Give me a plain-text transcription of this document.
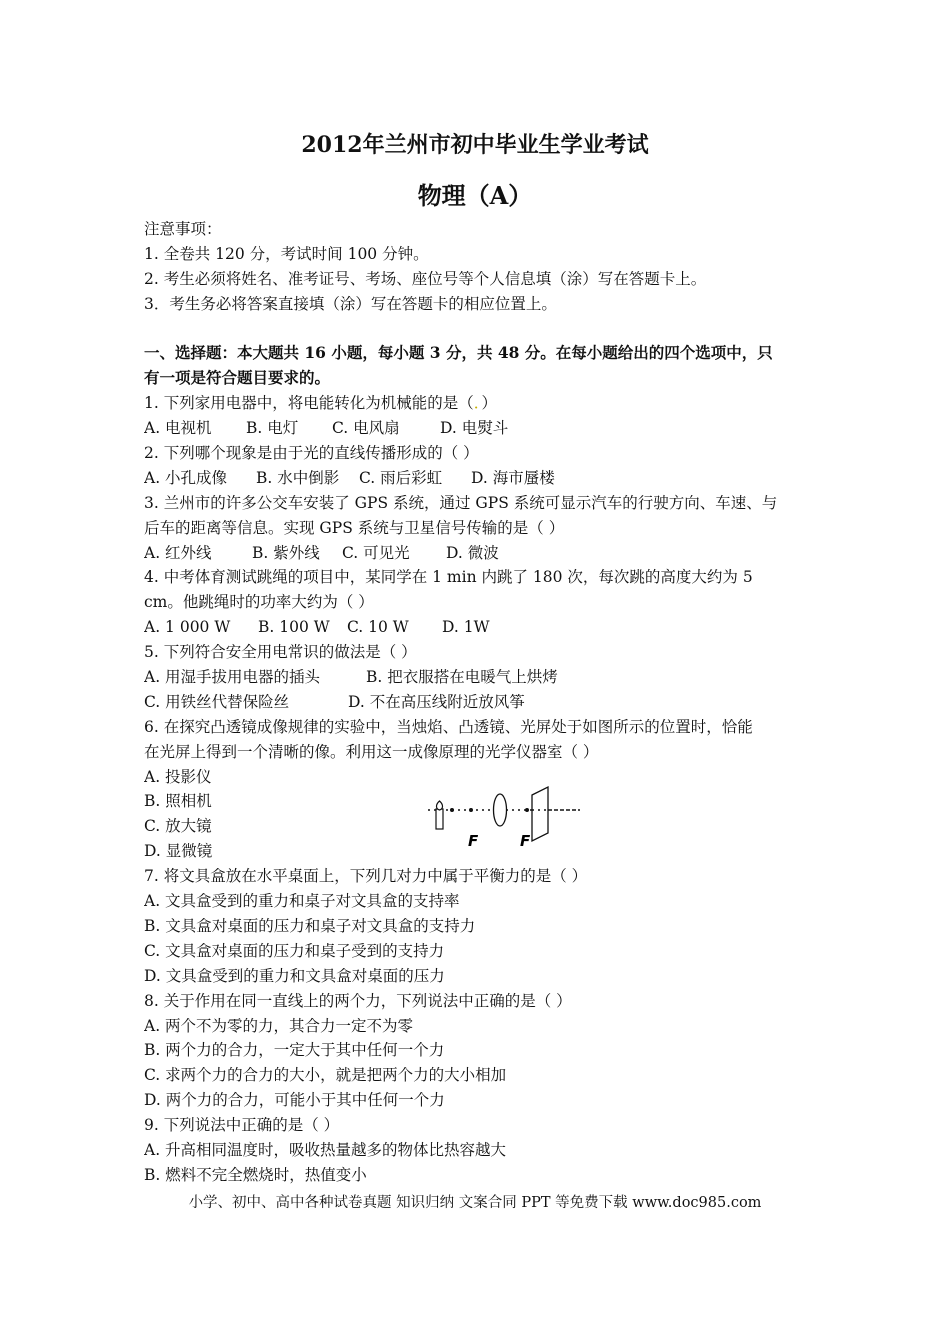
2012年兰州市初中毕业生学业考试
物理（A）
注意事项：
1. 全卷共 120 分，考试时间 100 分钟。
2. 考生必须将姓名、准考证号、考场、座位号等个人信息填（涂）写在答题卡上。
3．考生务必将答案直接填（涂）写在答题卡的相应位置上。
一、选择题：本大题共 16 小题，每小题 3 分，共 48 分。在每小题给出的四个选项中，只
有一项是符合题目要求的。
1. 下列家用电器中，将电能转化为机械能的是（．）
A. 电视机 B. 电灯 C. 电风扇	D. 电熨斗
2. 下列哪个现象是由于光的直线传播形成的（ ）
A. 小孔成像 B. 水中倒影 C. 雨后彩虹 D. 海市蜃楼
3. 兰州市的许多公交车安装了 GPS 系统，通过 GPS 系统可显示汽车的行驶方向、车速、与
后车的距离等信息。实现 GPS 系统与卫星信号传输的是（ ）
A. 红外线	B. 紫外线 C. 可见光 D. 微波
4. 中考体育测试跳绳的项目中，某同学在 1 min 内跳了 180 次，每次跳的高度大约为 5
cm。他跳绳时的功率大约为（ ）
A. 1 000 W B. 100 W C. 10 W D. 1W
5. 下列符合安全用电常识的做法是（ ）
A. 用湿手拔用电器的插头	B. 把衣服搭在电暖气上烘烤
C. 用铁丝代替保险丝	D. 不在高压线附近放风筝
6. 在探究凸透镜成像规律的实验中，当烛焰、凸透镜、光屏处于如图所示的位置时，恰能
在光屏上得到一个清晰的像。利用这一成像原理的光学仪器室（ ）
A. 投影仪
B. 照相机
C. 放大镜
D. 显微镜
7. 将文具盒放在水平桌面上，下列几对力中属于平衡力的是（ ）
A. 文具盒受到的重力和桌子对文具盒的支持率
B. 文具盒对桌面的压力和桌子对文具盒的支持力
C. 文具盒对桌面的压力和桌子受到的支持力
D. 文具盒受到的重力和文具盒对桌面的压力
8. 关于作用在同一直线上的两个力，下列说法中正确的是（ ）
A. 两个不为零的力，其合力一定不为零
B. 两个力的合力，一定大于其中任何一个力
C. 求两个力的合力的大小，就是把两个力的大小相加
D. 两个力的合力，可能小于其中任何一个力
9. 下列说法中正确的是（ ）
A. 升高相同温度时，吸收热量越多的物体比热容越大
B. 燃料不完全燃烧时，热值变小
F	F
小学、初中、高中各种试卷真题 知识归纳 文案合同 PPT 等免费下载 www.doc985.com
